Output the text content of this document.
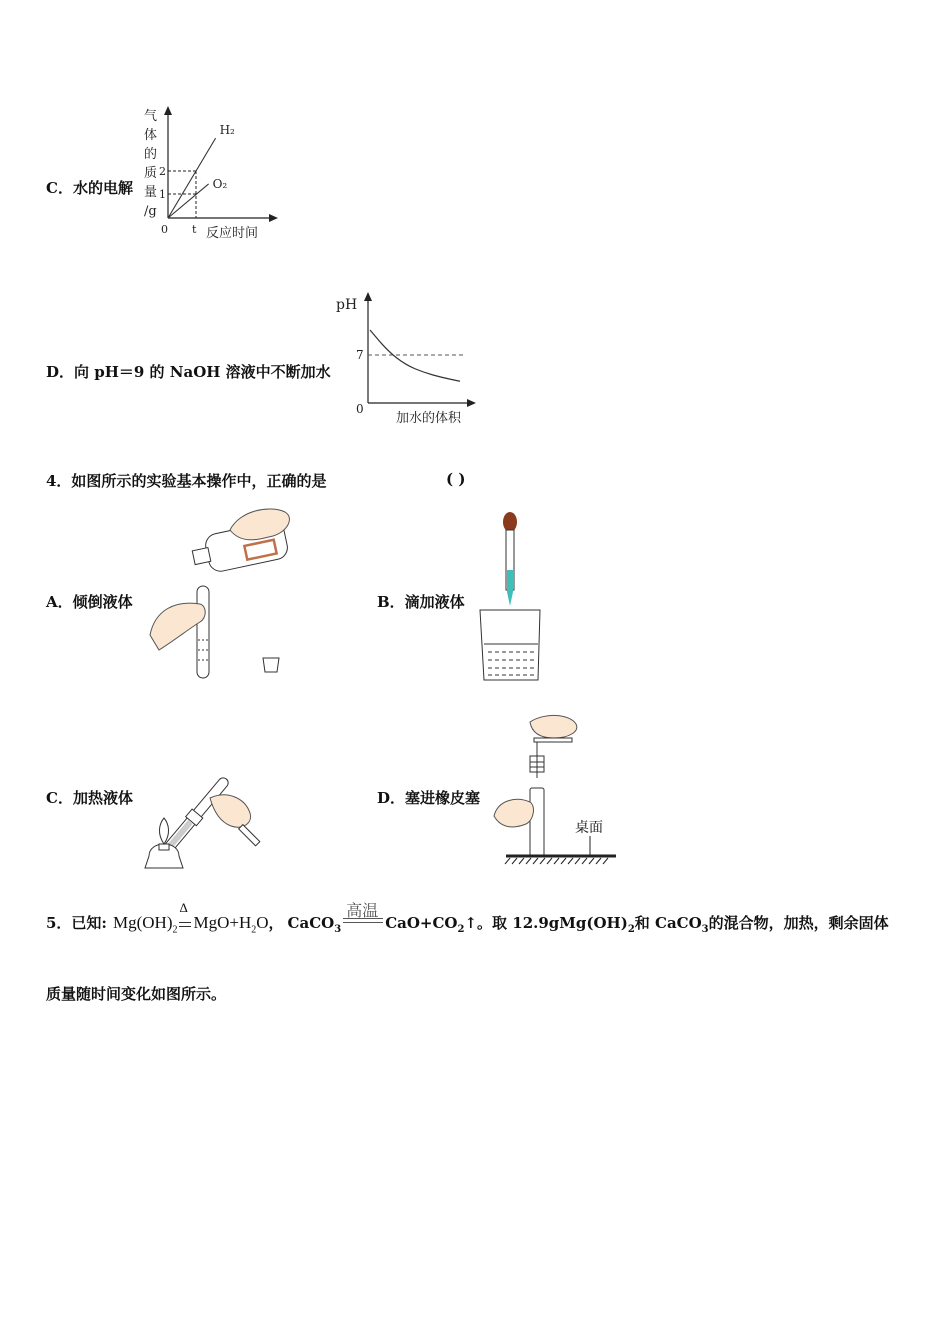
C．水的电解
气
体
的
质
量
/g
H₂
O₂
0 t
2
1
反应时间
D．向 pH＝9 的 NaOH 溶液中不断加水
pH
7
0
加水的体积
4．如图所示的实验基本操作中，正确的是	( )
A．倾倒液体	B．滴加液体
C．加热液体	D．塞进橡皮塞
桌面
5．已知: $Mg(OH)_2$
Δ
$MgO+H_2O$ ， CaCO$_3$
高温
$CaO+CO_2↑$。取 $12.9gMg(OH)_2$和 CaCO$_3$的混合物，加热，剩余固体
质量随时间变化如图所示。
